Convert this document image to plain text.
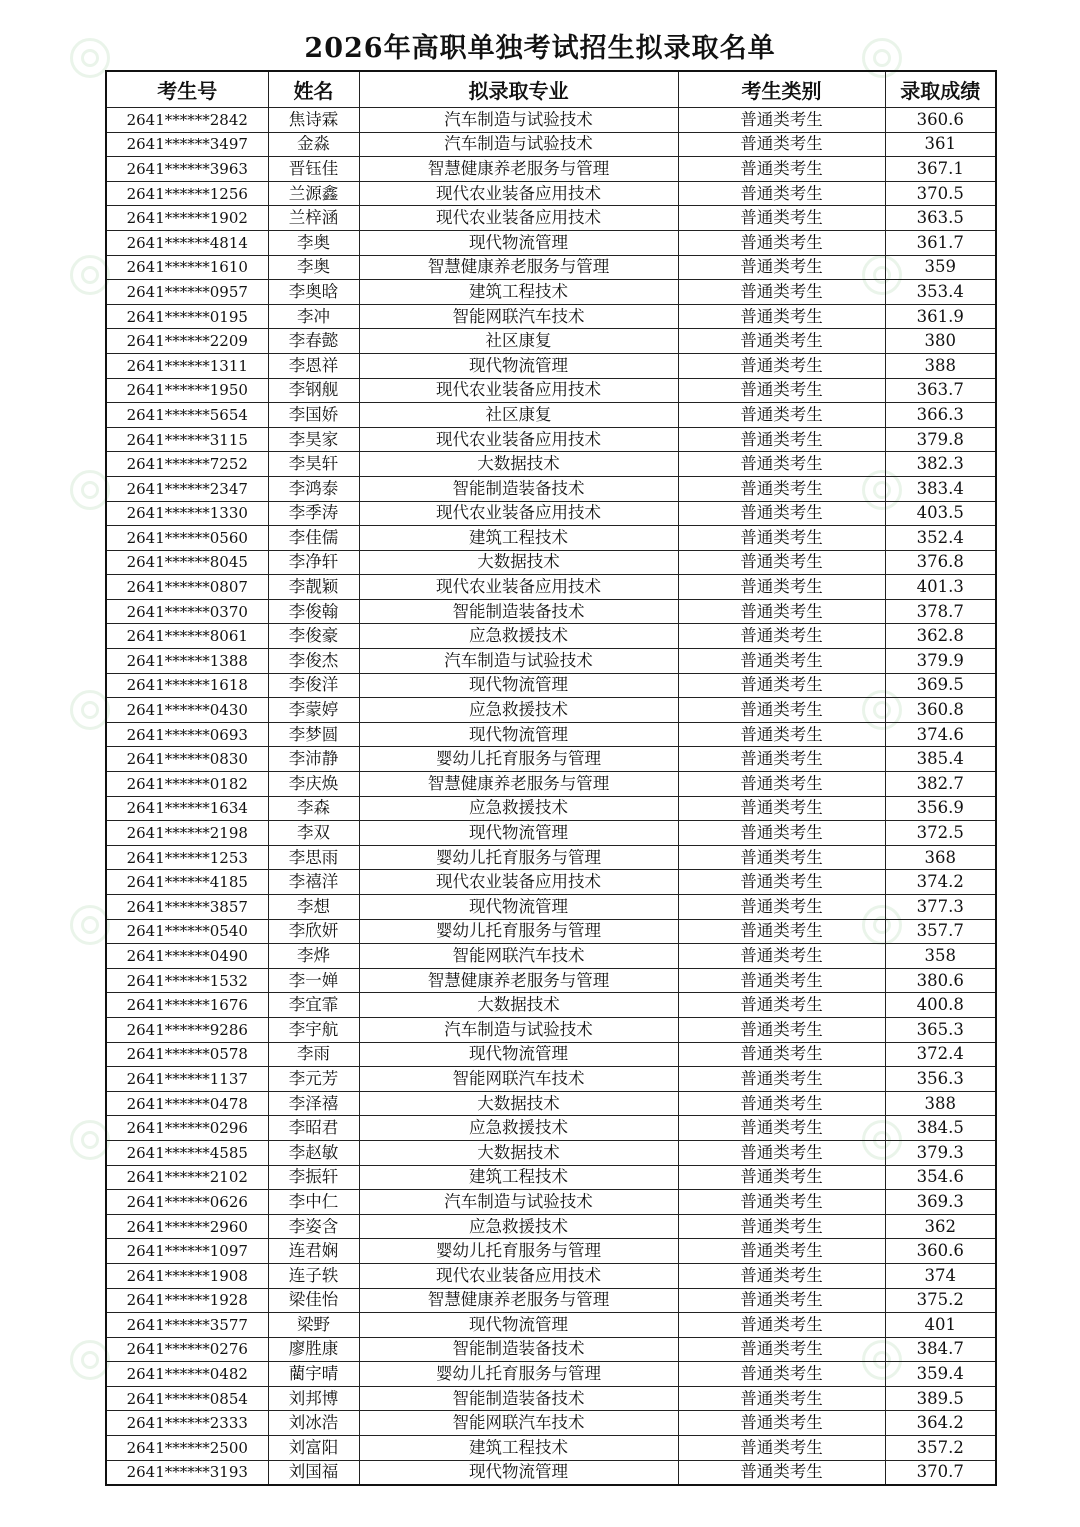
2026年高职单独考试招生拟录取名单
考生号	姓名	拟录取专业	考生类别	录取成绩
2641******2842	焦诗霖	汽车制造与试验技术	普通类考生	360.6
2641******3497	金淼	汽车制造与试验技术	普通类考生	361
2641******3963	晋钰佳	智慧健康养老服务与管理	普通类考生	367.1
2641******1256	兰源鑫	现代农业装备应用技术	普通类考生	370.5
2641******1902	兰梓涵	现代农业装备应用技术	普通类考生	363.5
2641******4814	李奥	现代物流管理	普通类考生	361.7
2641******1610	李奥	智慧健康养老服务与管理	普通类考生	359
2641******0957	李奥晗	建筑工程技术	普通类考生	353.4
2641******0195	李冲	智能网联汽车技术	普通类考生	361.9
2641******2209	李春懿	社区康复	普通类考生	380
2641******1311	李恩祥	现代物流管理	普通类考生	388
2641******1950	李钢舰	现代农业装备应用技术	普通类考生	363.7
2641******5654	李国娇	社区康复	普通类考生	366.3
2641******3115	李昊家	现代农业装备应用技术	普通类考生	379.8
2641******7252	李昊轩	大数据技术	普通类考生	382.3
2641******2347	李鸿泰	智能制造装备技术	普通类考生	383.4
2641******1330	李季涛	现代农业装备应用技术	普通类考生	403.5
2641******0560	李佳儒	建筑工程技术	普通类考生	352.4
2641******8045	李净轩	大数据技术	普通类考生	376.8
2641******0807	李靓颖	现代农业装备应用技术	普通类考生	401.3
2641******0370	李俊翰	智能制造装备技术	普通类考生	378.7
2641******8061	李俊豪	应急救援技术	普通类考生	362.8
2641******1388	李俊杰	汽车制造与试验技术	普通类考生	379.9
2641******1618	李俊洋	现代物流管理	普通类考生	369.5
2641******0430	李蒙婷	应急救援技术	普通类考生	360.8
2641******0693	李梦圆	现代物流管理	普通类考生	374.6
2641******0830	李沛静	婴幼儿托育服务与管理	普通类考生	385.4
2641******0182	李庆焕	智慧健康养老服务与管理	普通类考生	382.7
2641******1634	李森	应急救援技术	普通类考生	356.9
2641******2198	李双	现代物流管理	普通类考生	372.5
2641******1253	李思雨	婴幼儿托育服务与管理	普通类考生	368
2641******4185	李禧洋	现代农业装备应用技术	普通类考生	374.2
2641******3857	李想	现代物流管理	普通类考生	377.3
2641******0540	李欣妍	婴幼儿托育服务与管理	普通类考生	357.7
2641******0490	李烨	智能网联汽车技术	普通类考生	358
2641******1532	李一婵	智慧健康养老服务与管理	普通类考生	380.6
2641******1676	李宜霏	大数据技术	普通类考生	400.8
2641******9286	李宇航	汽车制造与试验技术	普通类考生	365.3
2641******0578	李雨	现代物流管理	普通类考生	372.4
2641******1137	李元芳	智能网联汽车技术	普通类考生	356.3
2641******0478	李泽禧	大数据技术	普通类考生	388
2641******0296	李昭君	应急救援技术	普通类考生	384.5
2641******4585	李赵敏	大数据技术	普通类考生	379.3
2641******2102	李振轩	建筑工程技术	普通类考生	354.6
2641******0626	李中仁	汽车制造与试验技术	普通类考生	369.3
2641******2960	李姿含	应急救援技术	普通类考生	362
2641******1097	连君娴	婴幼儿托育服务与管理	普通类考生	360.6
2641******1908	连子轶	现代农业装备应用技术	普通类考生	374
2641******1928	梁佳怡	智慧健康养老服务与管理	普通类考生	375.2
2641******3577	梁野	现代物流管理	普通类考生	401
2641******0276	廖胜康	智能制造装备技术	普通类考生	384.7
2641******0482	藺宇晴	婴幼儿托育服务与管理	普通类考生	359.4
2641******0854	刘邦博	智能制造装备技术	普通类考生	389.5
2641******2333	刘冰浩	智能网联汽车技术	普通类考生	364.2
2641******2500	刘富阳	建筑工程技术	普通类考生	357.2
2641******3193	刘国福	现代物流管理	普通类考生	370.7
